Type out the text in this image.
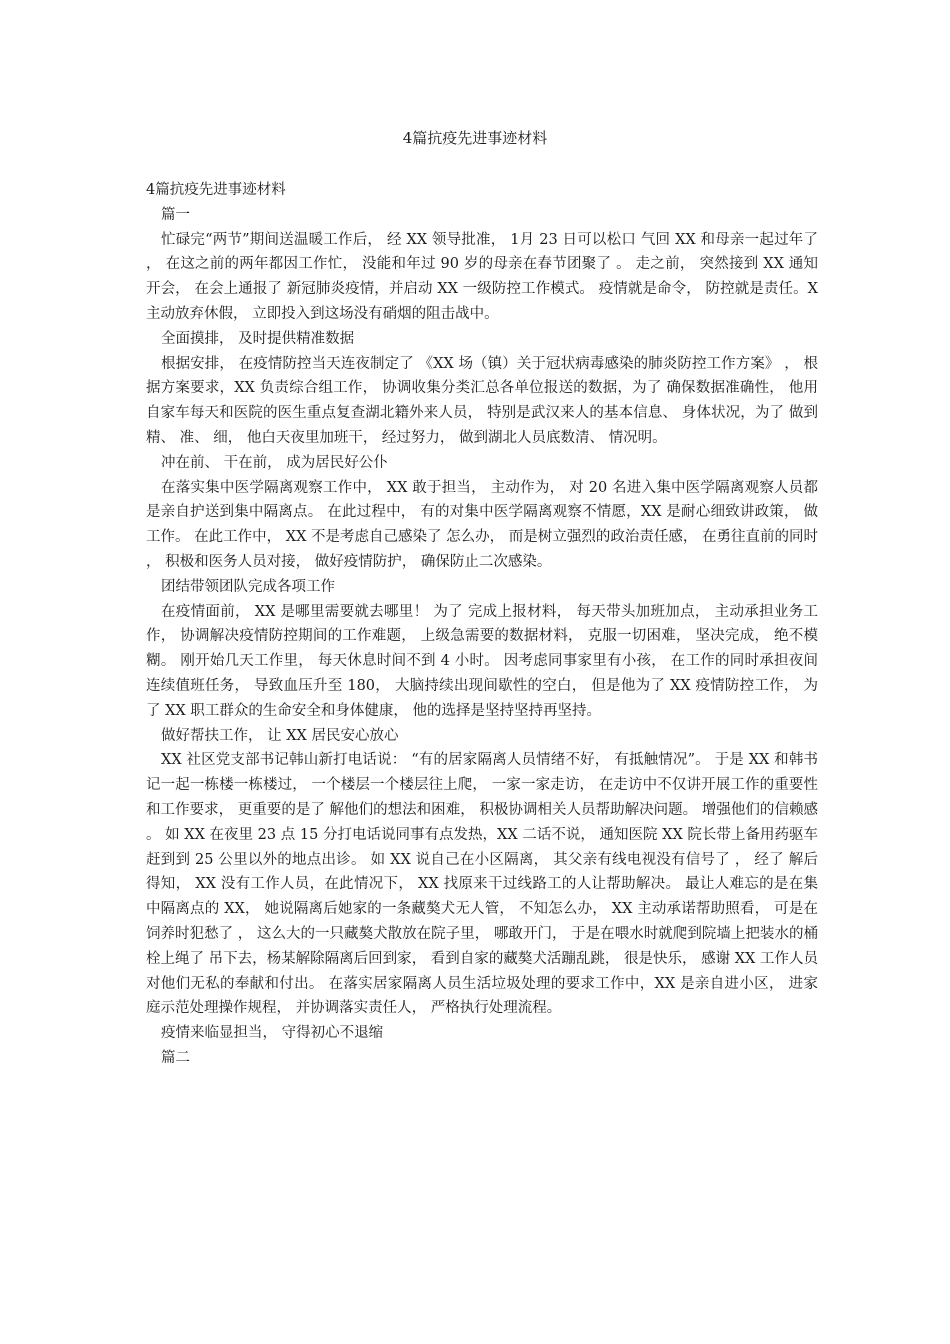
4篇抗疫先进事迹材料

4篇抗疫先进事迹材料

篇一

忙碌完“两节”期间送温暖工作后， 经 XX 领导批准， 1月 23 日可以松口 气回 XX 和母亲一起过年了 ， 在这之前的两年都因工作忙， 没能和年过 90 岁的母亲在春节团聚了 。 走之前， 突然接到 XX 通知开会， 在会上通报了 新冠肺炎疫情，并启动 XX 一级防控工作模式。 疫情就是命令， 防控就是责任。X 主动放弃休假， 立即投入到这场没有硝烟的阻击战中。

全面摸排， 及时提供精准数据

根据安排， 在疫情防控当天连夜制定了 《XX 场（镇）关于冠状病毒感染的肺炎防控工作方案》 ， 根据方案要求，XX 负责综合组工作， 协调收集分类汇总各单位报送的数据，为了 确保数据准确性， 他用自家车每天和医院的医生重点复查湖北籍外来人员， 特别是武汉来人的基本信息、 身体状况，为了 做到精、 准、 细， 他白天夜里加班干， 经过努力， 做到湖北人员底数清、 情况明。

冲在前、 干在前， 成为居民好公仆

在落实集中医学隔离观察工作中， XX 敢于担当， 主动作为， 对 20 名进入集中医学隔离观察人员都是亲自护送到集中隔离点。 在此过程中， 有的对集中医学隔离观察不情愿，XX 是耐心细致讲政策， 做工作。 在此工作中， XX 不是考虑自己感染了 怎么办， 而是树立强烈的政治责任感， 在勇往直前的同时， 积极和医务人员对接， 做好疫情防护， 确保防止二次感染。

团结带领团队完成各项工作

在疫情面前， XX 是哪里需要就去哪里！ 为了 完成上报材料， 每天带头加班加点， 主动承担业务工作， 协调解决疫情防控期间的工作难题， 上级急需要的数据材料， 克服一切困难， 坚决完成， 绝不模糊。 刚开始几天工作里， 每天休息时间不到 4 小时。 因考虑同事家里有小孩， 在工作的同时承担夜间连续值班任务， 导致血压升至 180， 大脑持续出现间歇性的空白， 但是他为了 XX 疫情防控工作， 为了 XX 职工群众的生命安全和身体健康， 他的选择是坚持坚持再坚持。

做好帮扶工作， 让 XX 居民安心放心

XX 社区党支部书记韩山新打电话说： “有的居家隔离人员情绪不好， 有抵触情况”。 于是 XX 和韩书记一起一栋楼一栋楼过， 一个楼层一个楼层往上爬， 一家一家走访， 在走访中不仅讲开展工作的重要性和工作要求， 更重要的是了 解他们的想法和困难， 积极协调相关人员帮助解决问题。 增强他们的信赖感。 如 XX 在夜里 23 点 15 分打电话说同事有点发热，XX 二话不说， 通知医院 XX 院长带上备用药驱车赶到到 25 公里以外的地点出诊。 如 XX 说自己在小区隔离， 其父亲有线电视没有信号了 ， 经了 解后得知， XX 没有工作人员，在此情况下， XX 找原来干过线路工的人让帮助解决。 最让人难忘的是在集中隔离点的 XX， 她说隔离后她家的一条藏獒犬无人管， 不知怎么办， XX 主动承诺帮助照看， 可是在饲养时犯愁了 ， 这么大的一只藏獒犬散放在院子里， 哪敢开门， 于是在喂水时就爬到院墙上把装水的桶栓上绳了 吊下去，杨某解除隔离后回到家， 看到自家的藏獒犬活蹦乱跳， 很是快乐， 感谢 XX 工作人员对他们无私的奉献和付出。 在落实居家隔离人员生活垃圾处理的要求工作中，XX 是亲自进小区， 进家庭示范处理操作规程， 并协调落实责任人， 严格执行处理流程。

疫情来临显担当， 守得初心不退缩

篇二
